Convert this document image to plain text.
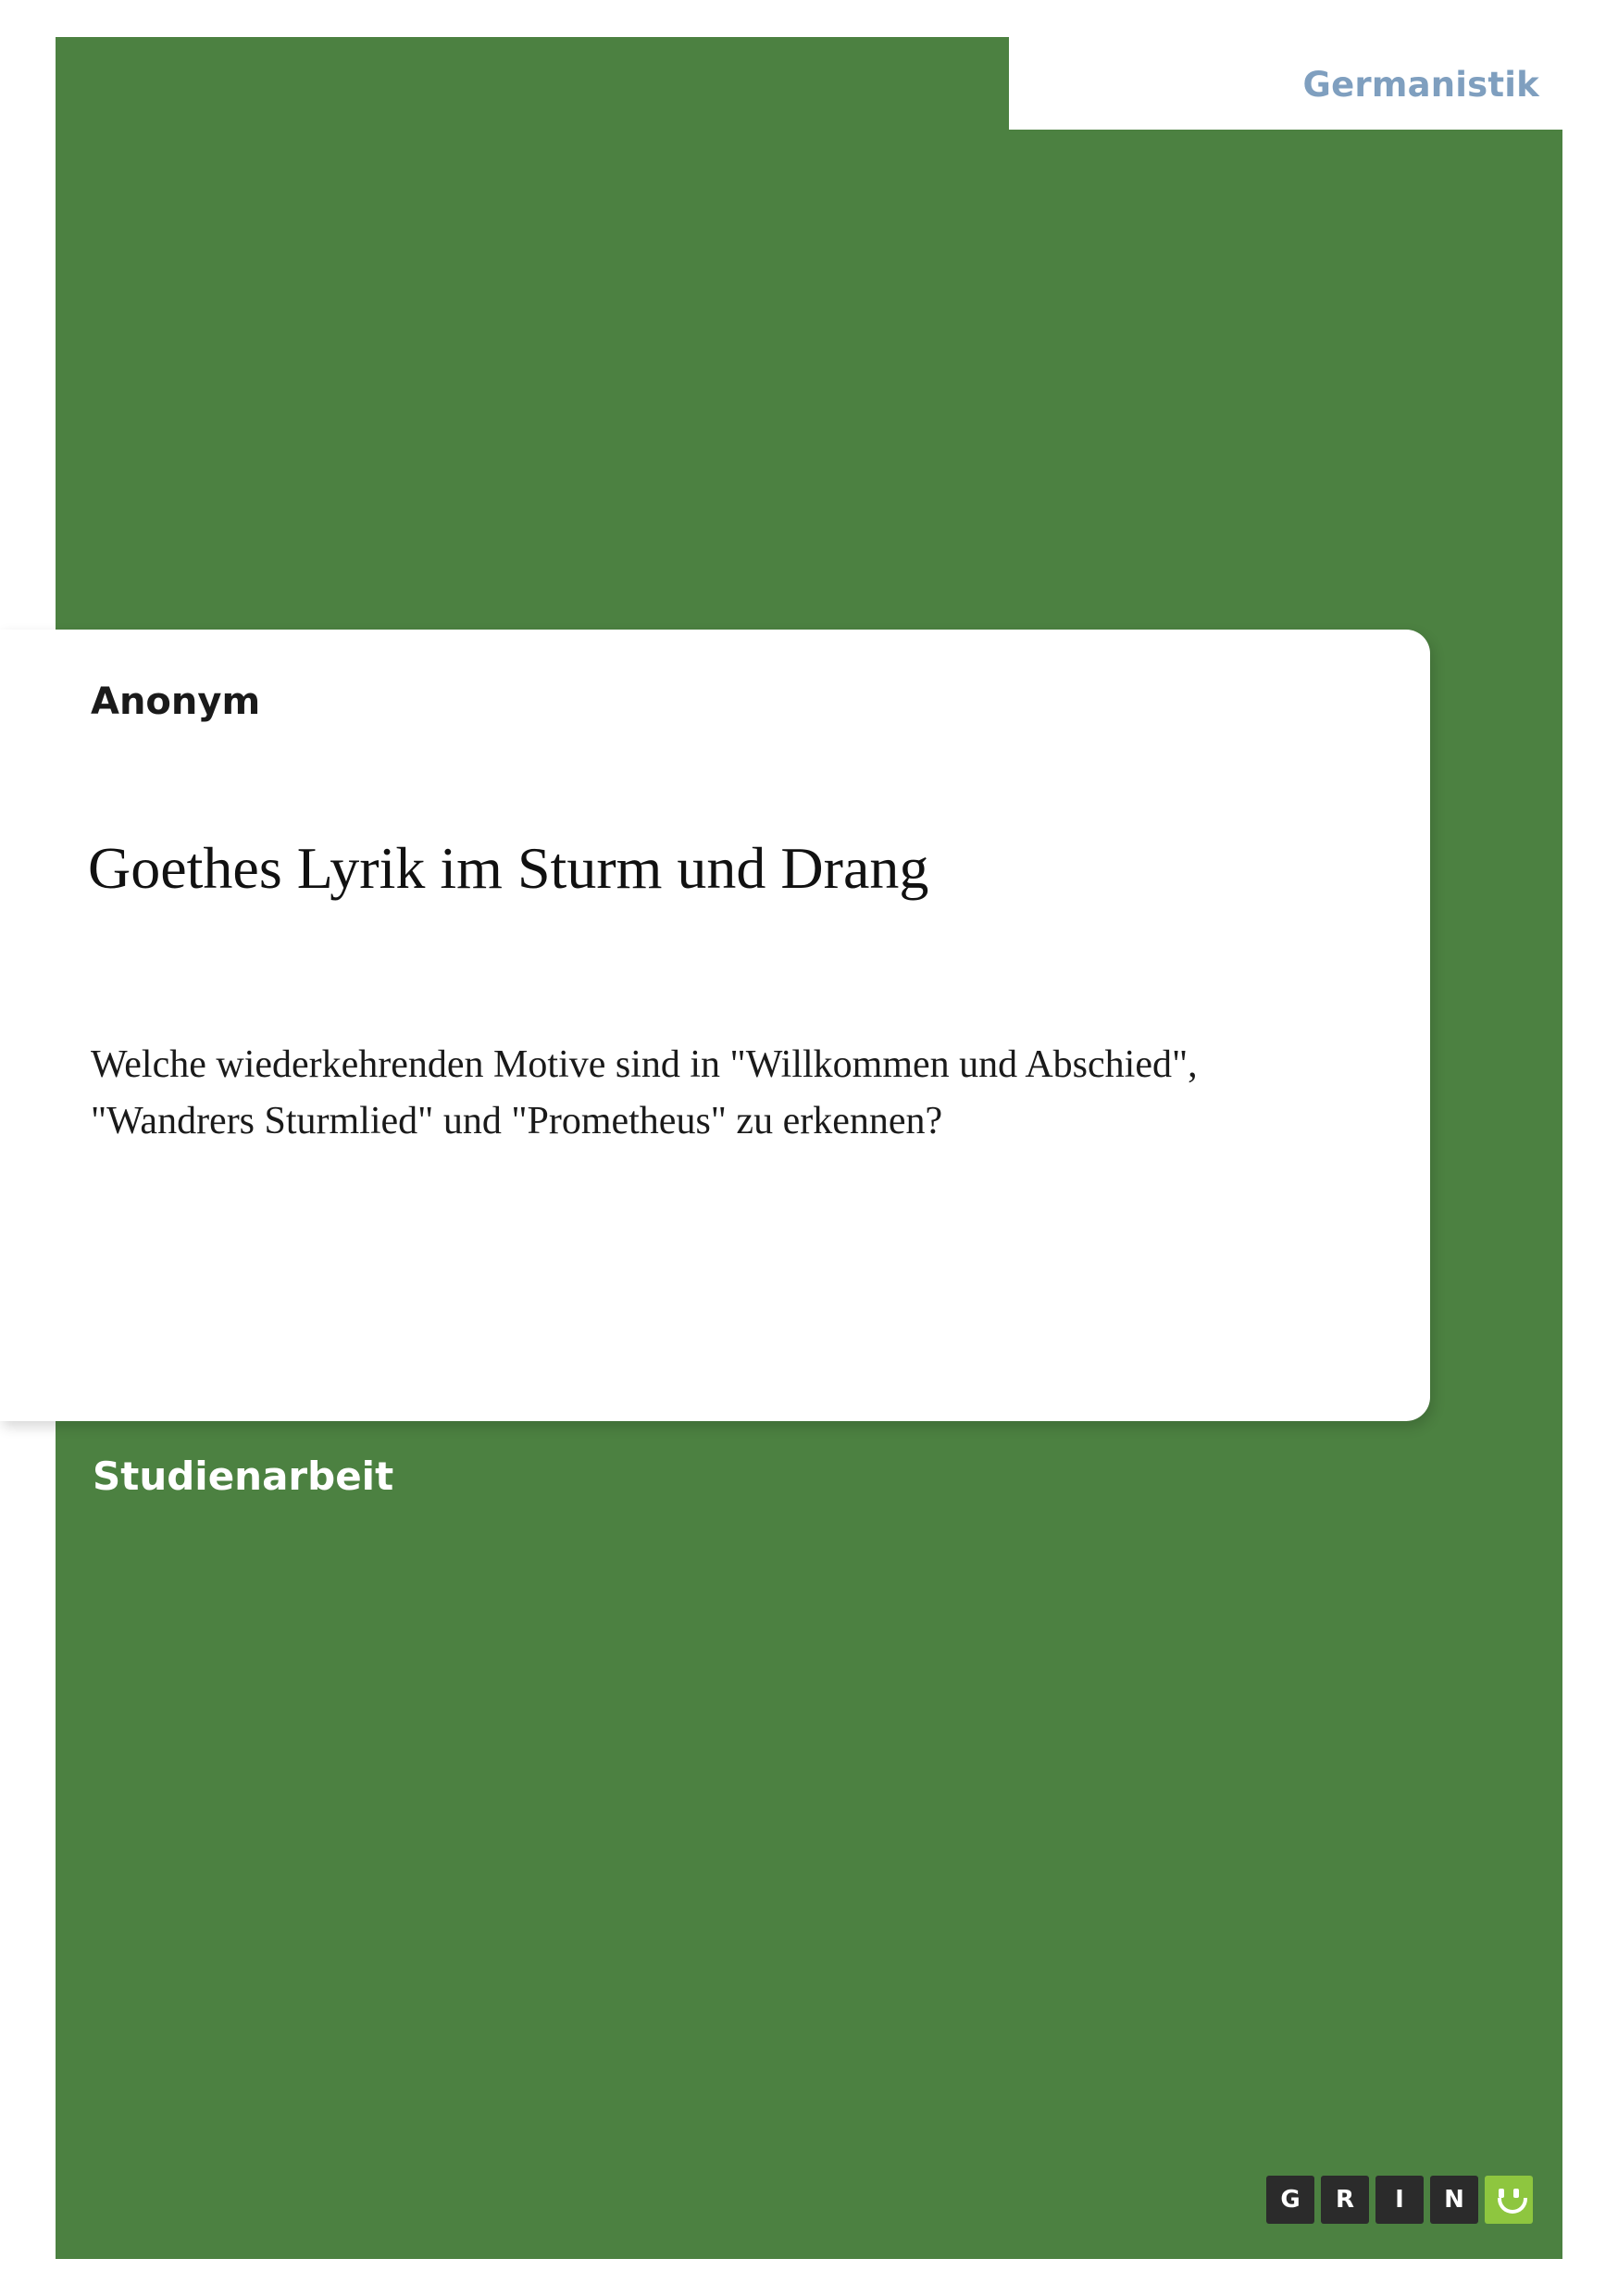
Germanistik
Anonym
Goethes Lyrik im Sturm und Drang
Welche wiederkehrenden Motive sind in "Willkommen und Abschied", "Wandrers Sturmlied" und "Prometheus" zu erkennen?
Studienarbeit
G	R	I	N
